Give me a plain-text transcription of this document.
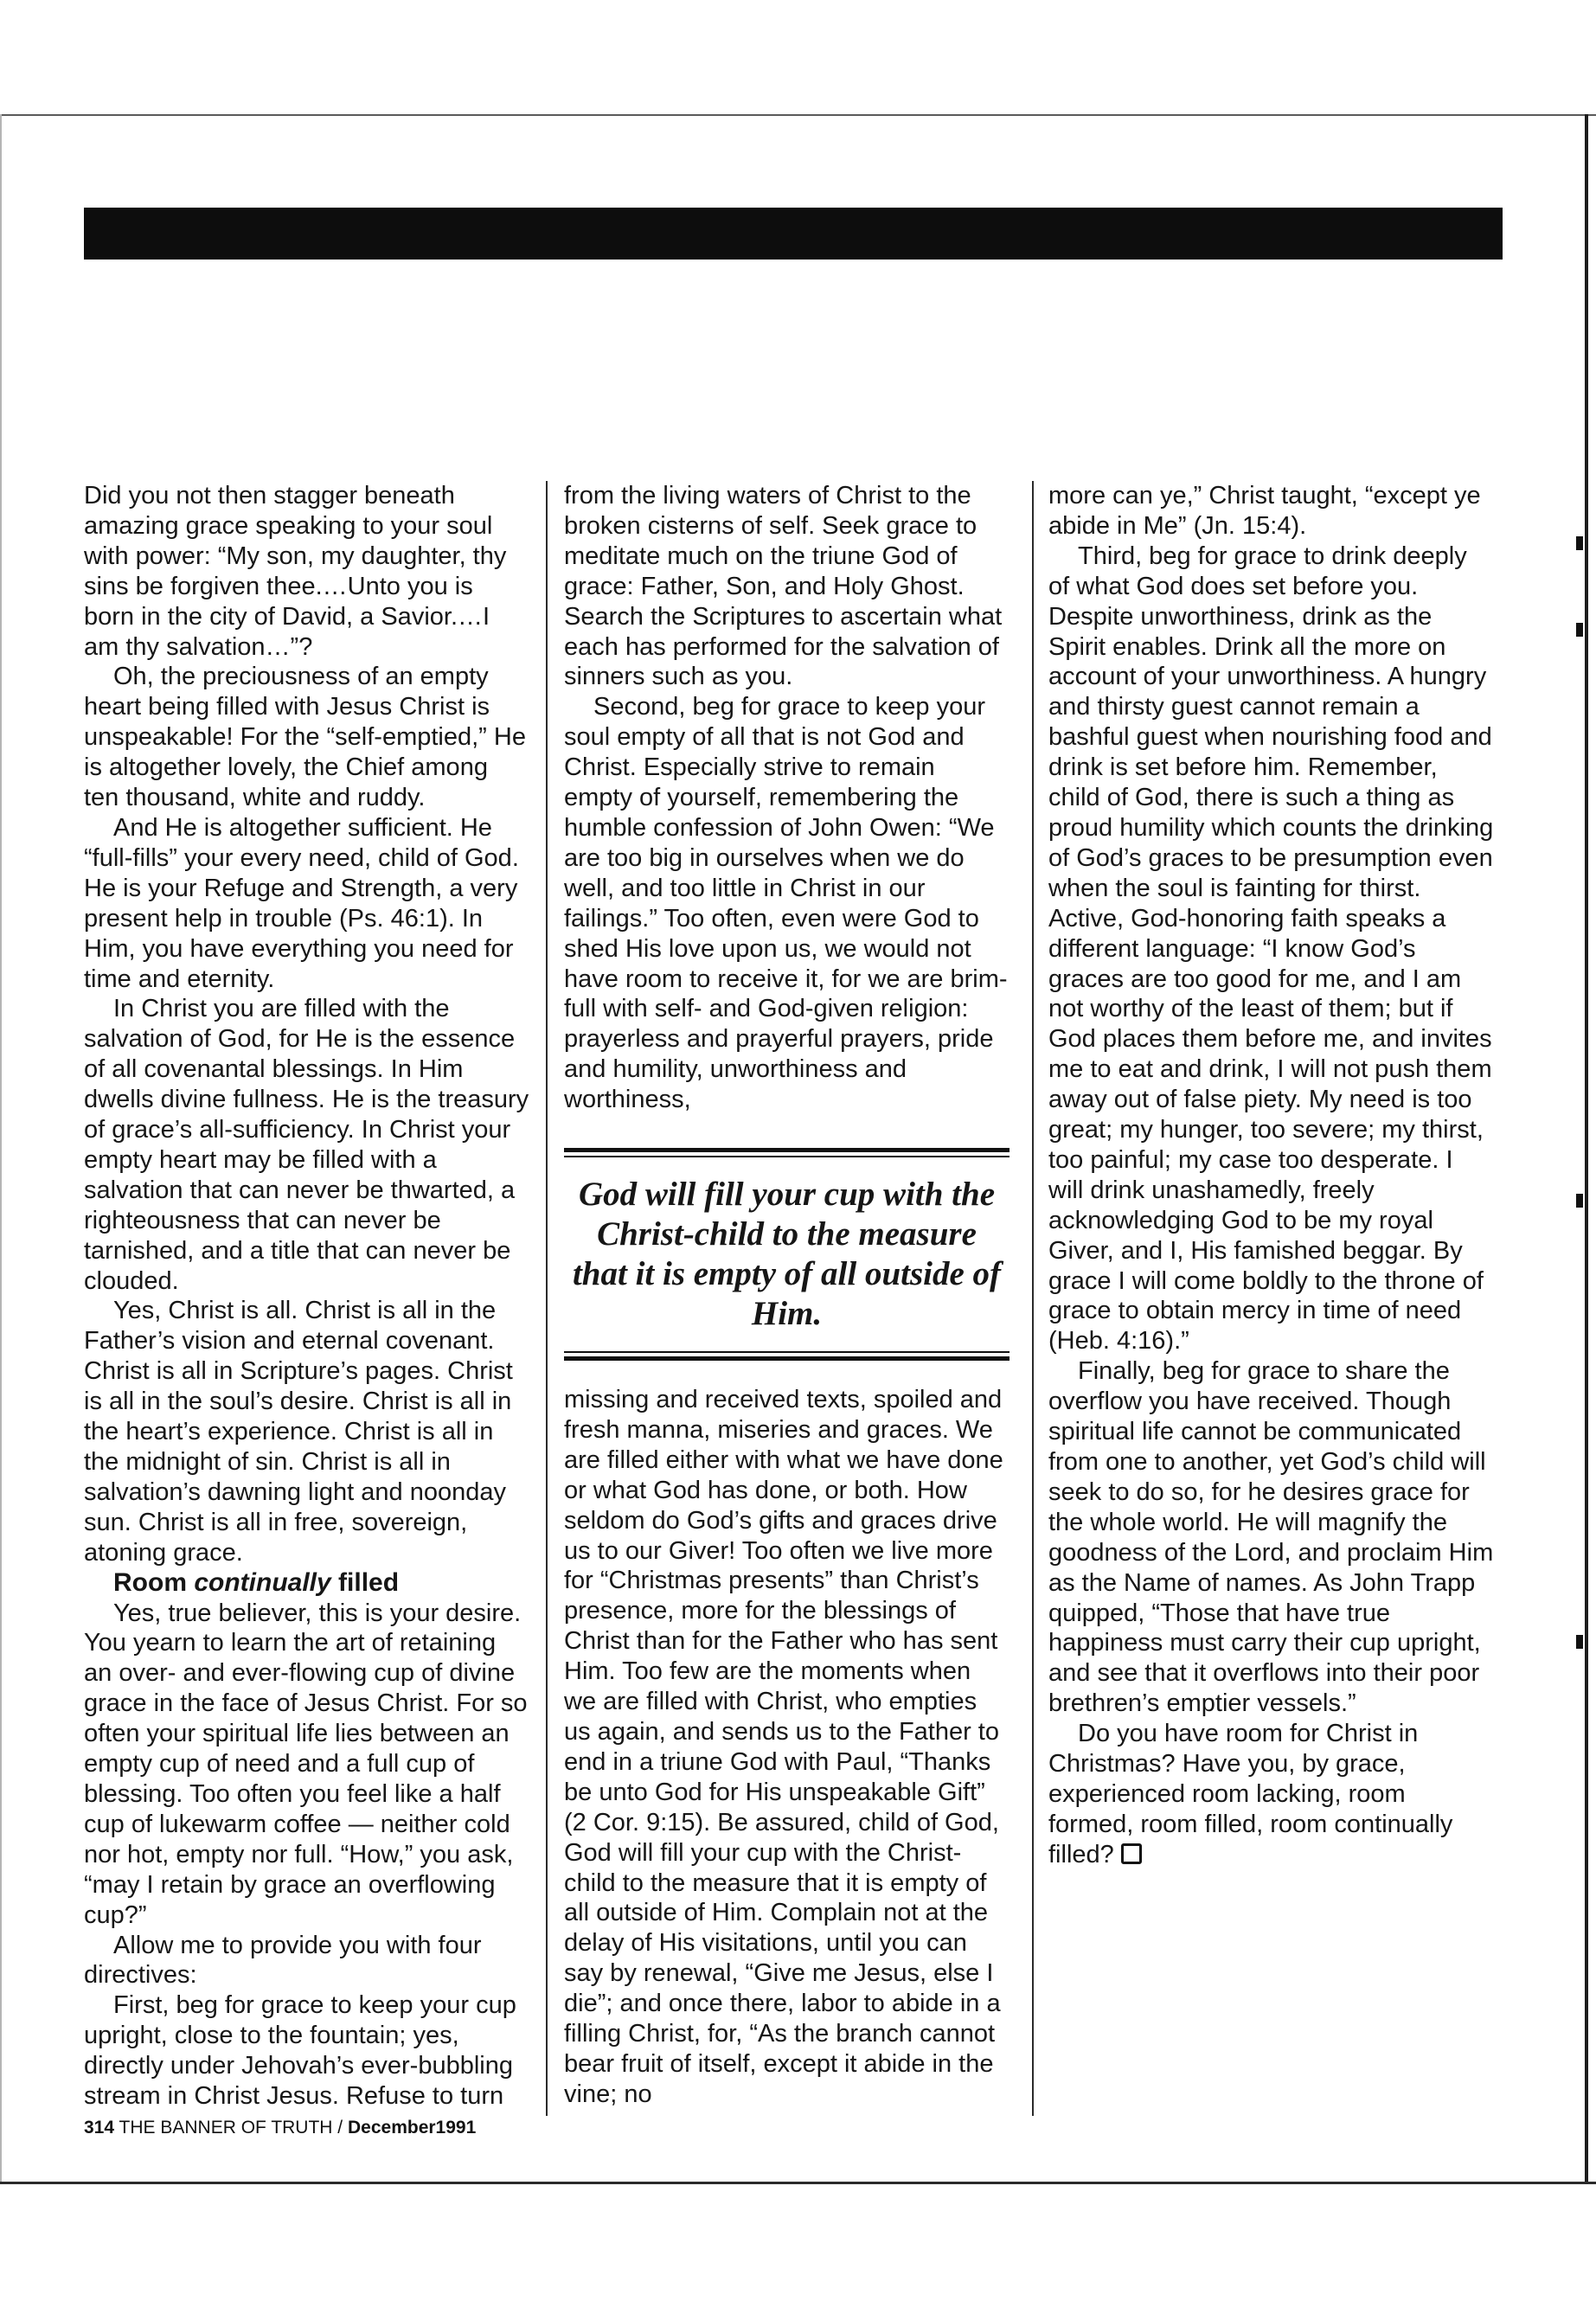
Did you not then stagger beneath amazing grace speaking to your soul with power: “My son, my daughter, thy sins be forgiven thee.…Unto you is born in the city of David, a Savior.…I am thy salvation…”?

Oh, the preciousness of an empty heart being filled with Jesus Christ is unspeakable! For the “self-emptied,” He is altogether lovely, the Chief among ten thousand, white and ruddy.

And He is altogether sufficient. He “full-fills” your every need, child of God. He is your Refuge and Strength, a very present help in trouble (Ps. 46:1). In Him, you have everything you need for time and eternity.

In Christ you are filled with the salvation of God, for He is the essence of all covenantal blessings. In Him dwells divine fullness. He is the treasury of grace’s all-sufficiency. In Christ your empty heart may be filled with a salvation that can never be thwarted, a righteousness that can never be tarnished, and a title that can never be clouded.

Yes, Christ is all. Christ is all in the Father’s vision and eternal covenant. Christ is all in Scripture’s pages. Christ is all in the soul’s desire. Christ is all in the heart’s experience. Christ is all in the midnight of sin. Christ is all in salvation’s dawning light and noonday sun. Christ is all in free, sovereign, atoning grace.

Room continually filled

Yes, true believer, this is your desire. You yearn to learn the art of retaining an over- and ever-flowing cup of divine grace in the face of Jesus Christ. For so often your spiritual life lies between an empty cup of need and a full cup of blessing. Too often you feel like a half cup of lukewarm coffee — neither cold nor hot, empty nor full. “How,” you ask, “may I retain by grace an overflowing cup?”

Allow me to provide you with four directives:

First, beg for grace to keep your cup upright, close to the fountain; yes, directly under Jehovah’s ever-bubbling stream in Christ Jesus. Refuse to turn

from the living waters of Christ to the broken cisterns of self. Seek grace to meditate much on the triune God of grace: Father, Son, and Holy Ghost. Search the Scriptures to ascertain what each has performed for the salvation of sinners such as you.

Second, beg for grace to keep your soul empty of all that is not God and Christ. Especially strive to remain empty of yourself, remembering the humble confession of John Owen: “We are too big in ourselves when we do well, and too little in Christ in our failings.” Too often, even were God to shed His love upon us, we would not have room to receive it, for we are brim-full with self- and God-given religion: prayerless and prayerful prayers, pride and humility, unworthiness and worthiness,

God will fill your cup with the Christ-child to the measure that it is empty of all outside of Him.

missing and received texts, spoiled and fresh manna, miseries and graces. We are filled either with what we have done or what God has done, or both. How seldom do God’s gifts and graces drive us to our Giver! Too often we live more for “Christmas presents” than Christ’s presence, more for the blessings of Christ than for the Father who has sent Him. Too few are the moments when we are filled with Christ, who empties us again, and sends us to the Father to end in a triune God with Paul, “Thanks be unto God for His unspeakable Gift” (2 Cor. 9:15). Be assured, child of God, God will fill your cup with the Christ-child to the measure that it is empty of all outside of Him. Complain not at the delay of His visitations, until you can say by renewal, “Give me Jesus, else I die”; and once there, labor to abide in a filling Christ, for, “As the branch cannot bear fruit of itself, except it abide in the vine; no

more can ye,” Christ taught, “except ye abide in Me” (Jn. 15:4).

Third, beg for grace to drink deeply of what God does set before you. Despite unworthiness, drink as the Spirit enables. Drink all the more on account of your unworthiness. A hungry and thirsty guest cannot remain a bashful guest when nourishing food and drink is set before him. Remember, child of God, there is such a thing as proud humility which counts the drinking of God’s graces to be presumption even when the soul is fainting for thirst. Active, God-honoring faith speaks a different language: “I know God’s graces are too good for me, and I am not worthy of the least of them; but if God places them before me, and invites me to eat and drink, I will not push them away out of false piety. My need is too great; my hunger, too severe; my thirst, too painful; my case too desperate. I will drink unashamedly, freely acknowledging God to be my royal Giver, and I, His famished beggar. By grace I will come boldly to the throne of grace to obtain mercy in time of need (Heb. 4:16).”

Finally, beg for grace to share the overflow you have received. Though spiritual life cannot be communicated from one to another, yet God’s child will seek to do so, for he desires grace for the whole world. He will magnify the goodness of the Lord, and proclaim Him as the Name of names. As John Trapp quipped, “Those that have true happiness must carry their cup upright, and see that it overflows into their poor brethren’s emptier vessels.”

Do you have room for Christ in Christmas? Have you, by grace, experienced room lacking, room formed, room filled, room continually filled?

314 THE BANNER OF TRUTH / December1991
